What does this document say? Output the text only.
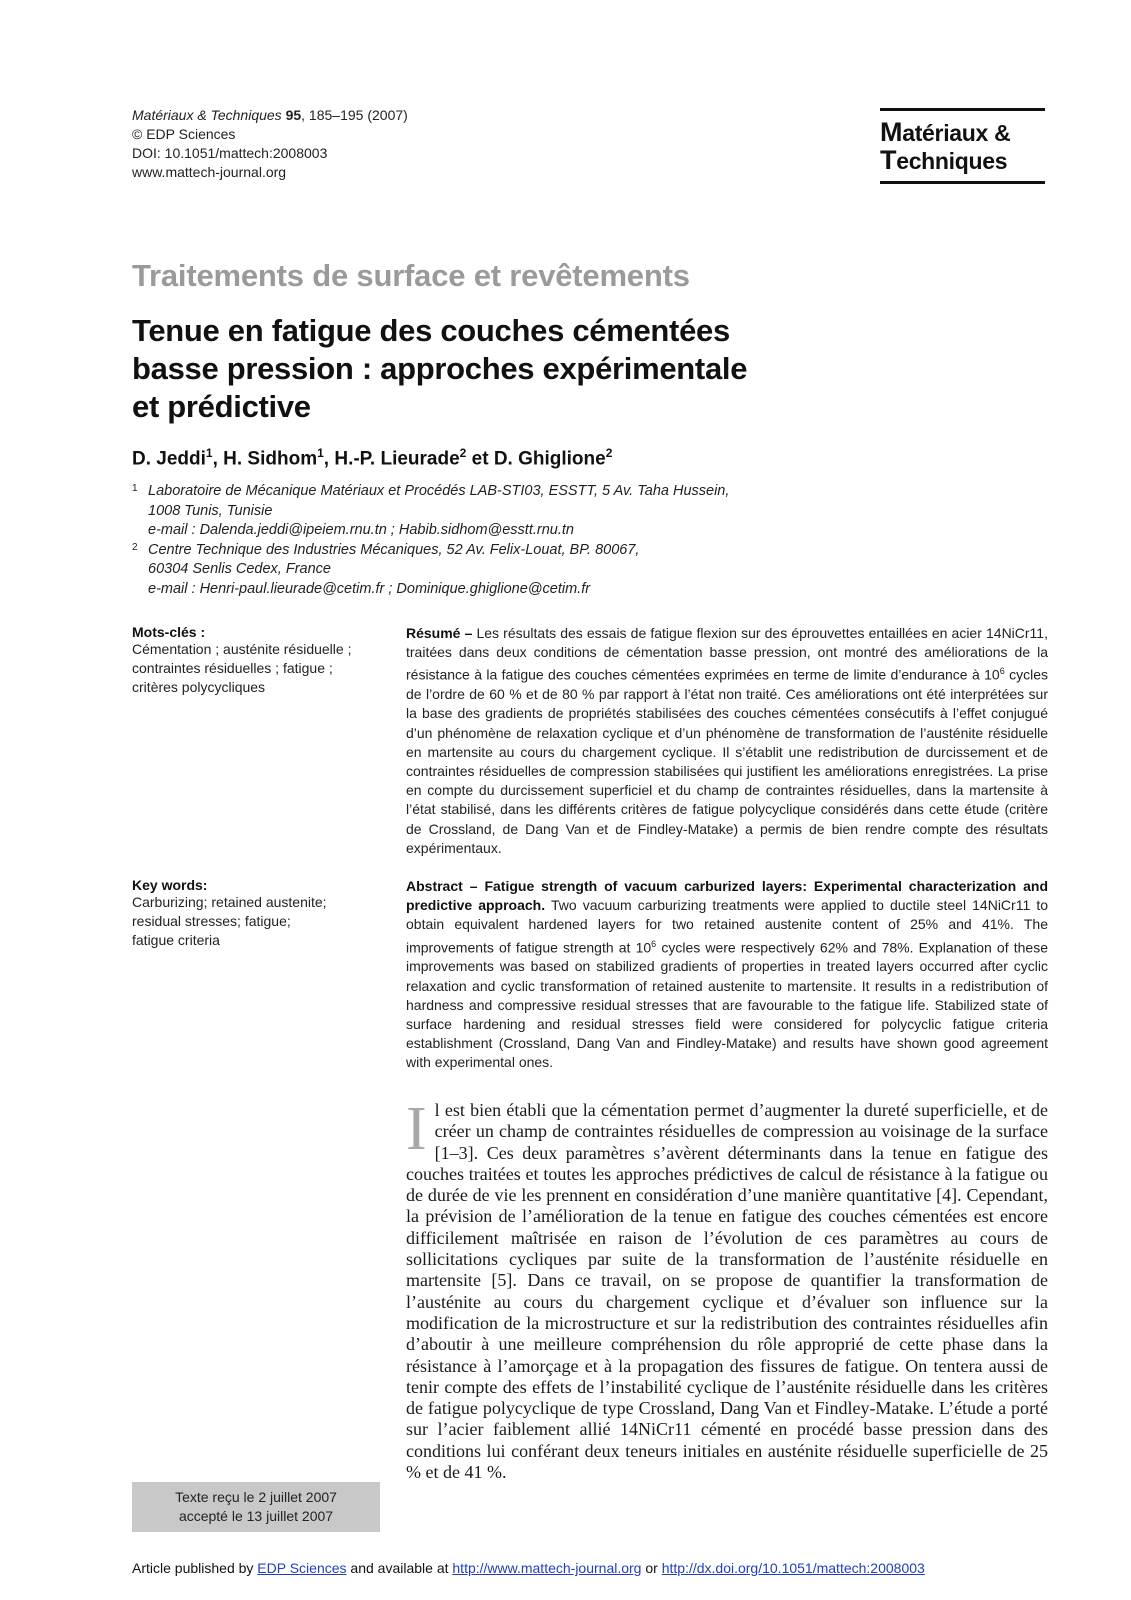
Matériaux & Techniques 95, 185–195 (2007)
© EDP Sciences
DOI: 10.1051/mattech:2008003
www.mattech-journal.org
Matériaux &
Techniques
Traitements de surface et revêtements
Tenue en fatigue des couches cémentées
basse pression : approches expérimentale
et prédictive
D. Jeddi$^1$, H. Sidhom$^1$, H.-P. Lieurade$^2$ et D. Ghiglione$^2$
1 Laboratoire de Mécanique Matériaux et Procédés LAB-STI03, ESSTT, 5 Av. Taha Hussein,
1008 Tunis, Tunisie
e-mail : Dalenda.jeddi@ipeiem.rnu.tn ; Habib.sidhom@esstt.rnu.tn
2 Centre Technique des Industries Mécaniques, 52 Av. Felix-Louat, BP. 80067,
60304 Senlis Cedex, France
e-mail : Henri-paul.lieurade@cetim.fr ; Dominique.ghiglione@cetim.fr
Mots-clés :
Cémentation ; austénite résiduelle ;
contraintes résiduelles ; fatigue ;
critères polycycliques
Résumé – Les résultats des essais de fatigue flexion sur des éprouvettes entaillées en acier 14NiCr11, traitées dans deux conditions de cémentation basse pression, ont montré des améliorations de la résistance à la fatigue des couches cémentées exprimées en terme de limite d’endurance à $10^6$ cycles de l’ordre de 60 % et de 80 % par rapport à l’état non traité. Ces améliorations ont été interprétées sur la base des gradients de propriétés stabilisées des couches cémentées consécutifs à l’effet conjugué d’un phénomène de relaxation cyclique et d’un phénomène de transformation de l’austénite résiduelle en martensite au cours du chargement cyclique. Il s’établit une redistribution de durcissement et de contraintes résiduelles de compression stabilisées qui justifient les améliorations enregistrées. La prise en compte du durcissement superficiel et du champ de contraintes résiduelles, dans la martensite à l’état stabilisé, dans les différents critères de fatigue polycyclique considérés dans cette étude (critère de Crossland, de Dang Van et de Findley-Matake) a permis de bien rendre compte des résultats expérimentaux.
Key words:
Carburizing; retained austenite;
residual stresses; fatigue;
fatigue criteria
Abstract – Fatigue strength of vacuum carburized layers: Experimental characterization and predictive approach. Two vacuum carburizing treatments were applied to ductile steel 14NiCr11 to obtain equivalent hardened layers for two retained austenite content of 25% and 41%. The improvements of fatigue strength at $10^6$ cycles were respectively 62% and 78%. Explanation of these improvements was based on stabilized gradients of properties in treated layers occurred after cyclic relaxation and cyclic transformation of retained austenite to martensite. It results in a redistribution of hardness and compressive residual stresses that are favourable to the fatigue life. Stabilized state of surface hardening and residual stresses field were considered for polycyclic fatigue criteria establishment (Crossland, Dang Van and Findley-Matake) and results have shown good agreement with experimental ones.
Il est bien établi que la cémentation permet d’augmenter la dureté superficielle, et de créer un champ de contraintes résiduelles de compression au voisinage de la surface [1–3]. Ces deux paramètres s’avèrent déterminants dans la tenue en fatigue des couches traitées et toutes les approches prédictives de calcul de résistance à la fatigue ou de durée de vie les prennent en considération d’une manière quantitative [4]. Cependant, la prévision de l’amélioration de la tenue en fatigue des couches cémentées est encore difficilement maîtrisée en raison de l’évolution de ces paramètres au cours de sollicitations cycliques par suite de la transformation de l’austénite résiduelle en martensite [5]. Dans ce travail, on se propose de quantifier la transformation de l’austénite au cours du chargement cyclique et d’évaluer son influence sur la modification de la microstructure et sur la redistribution des contraintes résiduelles afin d’aboutir à une meilleure compréhension du rôle approprié de cette phase dans la résistance à l’amorçage et à la propagation des fissures de fatigue. On tentera aussi de tenir compte des effets de l’instabilité cyclique de l’austénite résiduelle dans les critères de fatigue polycyclique de type Crossland, Dang Van et Findley-Matake. L’étude a porté sur l’acier faiblement allié 14NiCr11 cémenté en procédé basse pression dans des conditions lui conférant deux teneurs initiales en austénite résiduelle superficielle de 25 % et de 41 %.
Texte reçu le 2 juillet 2007
accepté le 13 juillet 2007
Article published by EDP Sciences and available at http://www.mattech-journal.org or http://dx.doi.org/10.1051/mattech:2008003
